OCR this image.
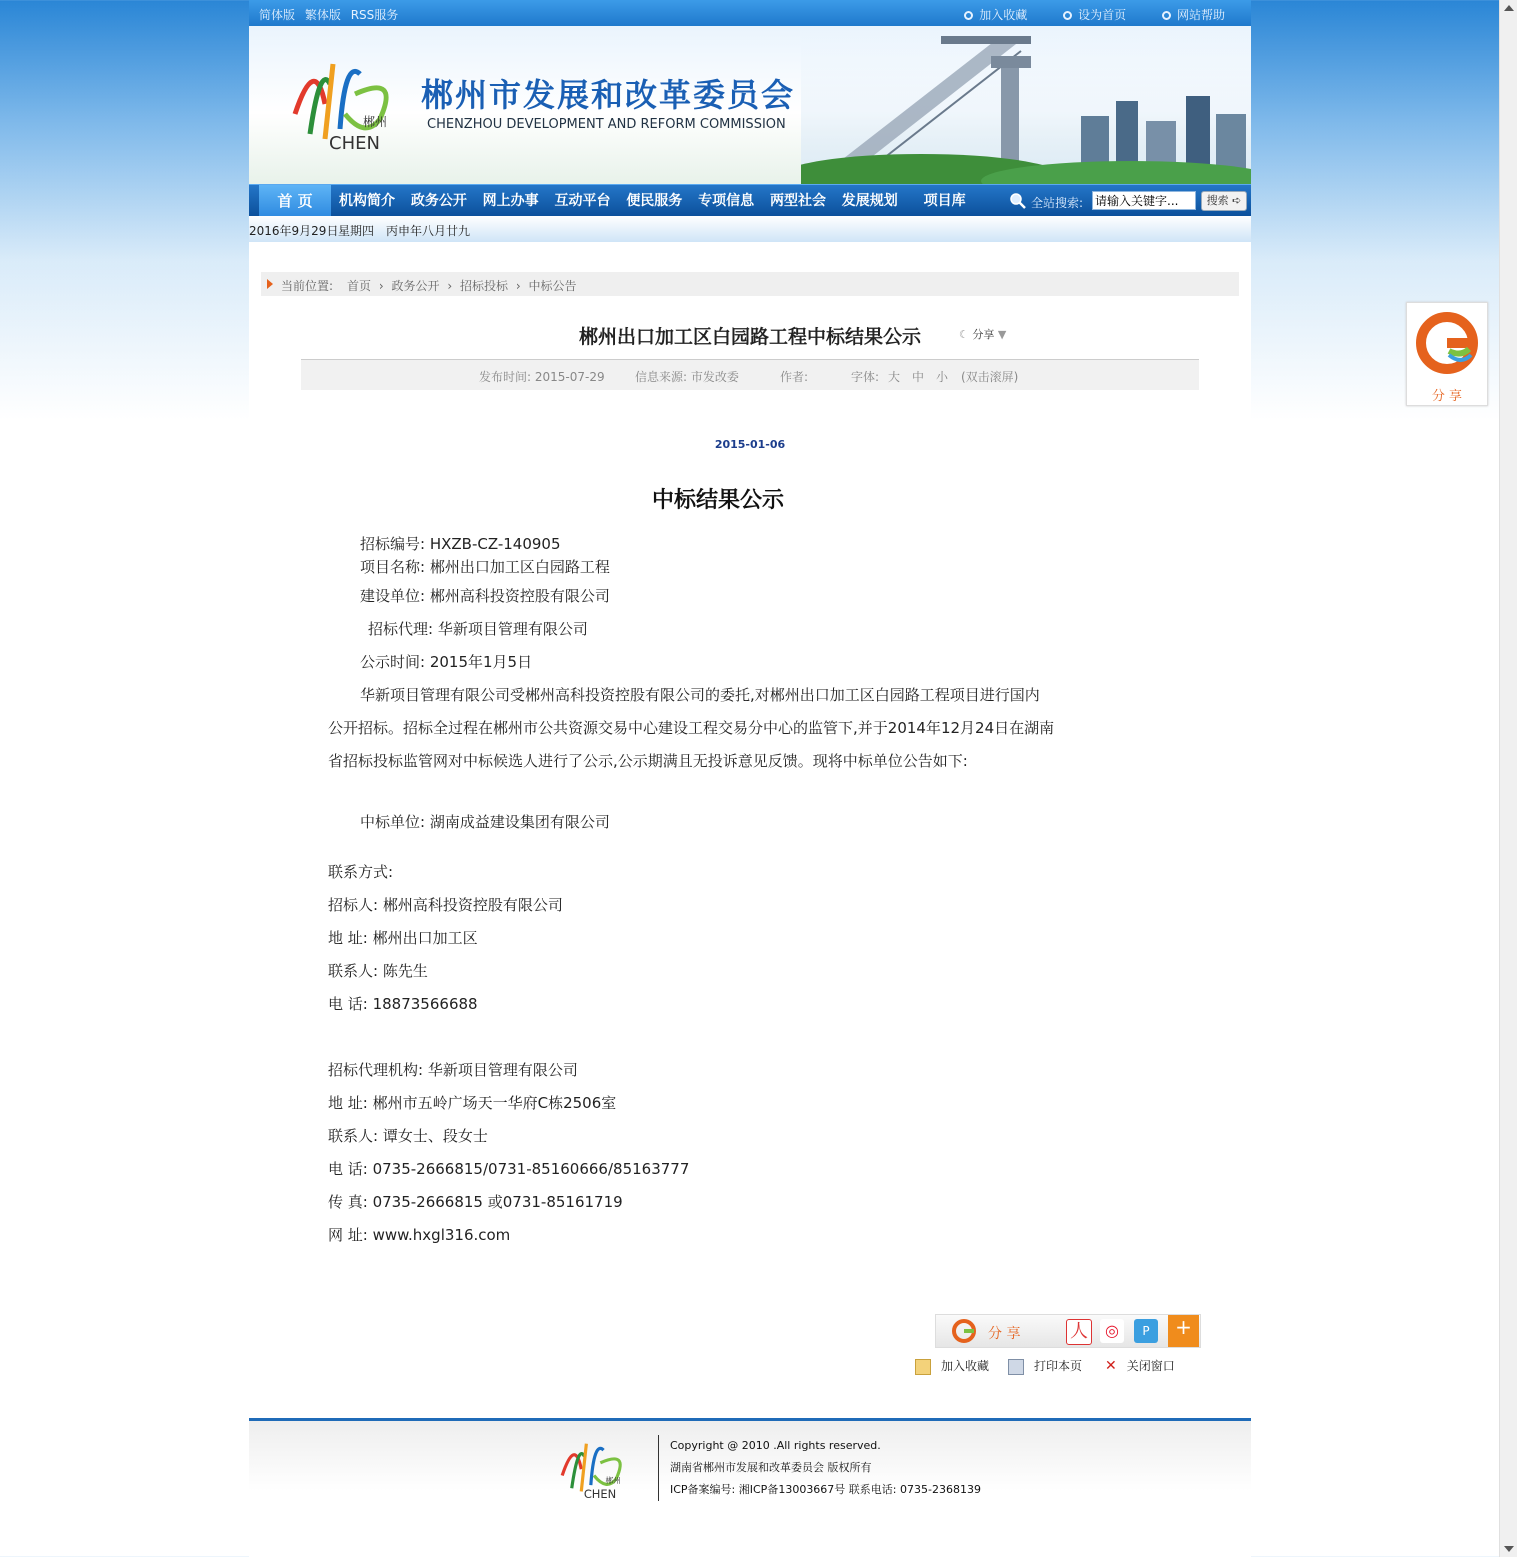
简体版 繁体版 RSS服务	加入收藏	设为首页	网站帮助
郴州
CHEN
郴州市发展和改革委员会
CHENZHOU DEVELOPMENT AND REFORM COMMISSION
首 页	机构简介 政务公开 网上办事 互动平台 便民服务 专项信息 两型社会 发展规划 项目库	全站搜索:
请输入关键字...	搜索 ➪
2016年9月29日 星期四 丙申年八月廿九
当前位置: 首页 › 政务公开 › 招标投标 › 中标公告
郴州出口加工区白园路工程中标结果公示	☾ 分享 ▼
发布时间: 2015-07-29	信息来源: 市发改委	作者:	字体: 大 中 小 (双击滚屏)
2015-01-06
中标结果公示
招标编号: HXZB-CZ-140905
项目名称: 郴州出口加工区白园路工程
建设单位: 郴州高科投资控股有限公司
招标代理: 华新项目管理有限公司
公示时间: 2015年1月5日
华新项目管理有限公司受郴州高科投资控股有限公司的委托,对郴州出口加工区白园路工程项目进行国内
公开招标。招标全过程在郴州市公共资源交易中心建设工程交易分中心的监管下,并于2014年12月24日在湖南
省招标投标监管网对中标候选人进行了公示,公示期满且无投诉意见反馈。现将中标单位公告如下:
中标单位: 湖南成益建设集团有限公司
联系方式:
招标人: 郴州高科投资控股有限公司
地 址: 郴州出口加工区
联系人: 陈先生
电 话: 18873566688
招标代理机构: 华新项目管理有限公司
地 址: 郴州市五岭广场天一华府C栋2506室
联系人: 谭女士、段女士
电 话: 0735-2666815/0731-85160666/85163777
传 真: 0735-2666815 或0731-85161719
网 址: www.hxgl316.com
分 享	人	◎	P	+
加入收藏	打印本页 ✕ 关闭窗口
郴州
CHEN
Copyright @ 2010 .All rights reserved.
湖南省郴州市发展和改革委员会 版权所有
ICP备案编号: 湘ICP备13003667号 联系电话: 0735-2368139
分 享
